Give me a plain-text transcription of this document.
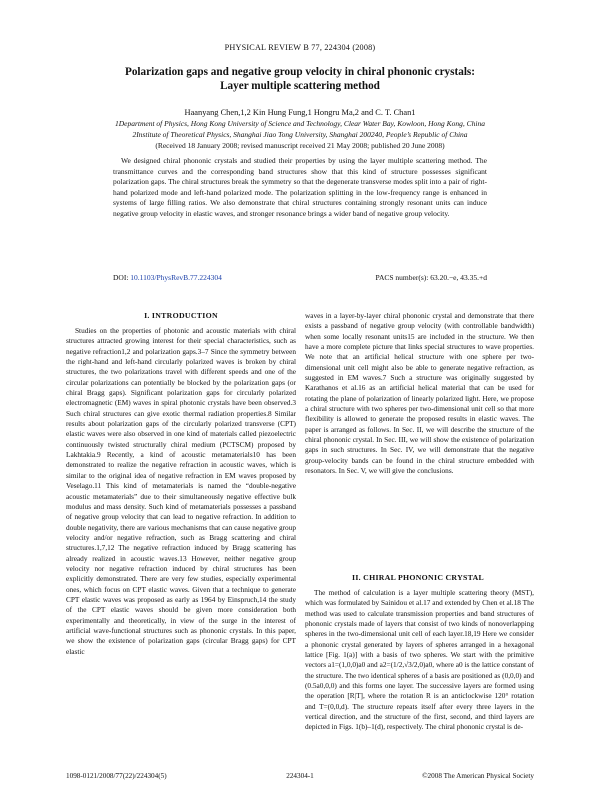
PHYSICAL REVIEW B 77, 224304 (2008)
Polarization gaps and negative group velocity in chiral phononic crystals:
Layer multiple scattering method
Haanyang Chen,1,2 Kin Hung Fung,1 Hongru Ma,2 and C. T. Chan1
1Department of Physics, Hong Kong University of Science and Technology, Clear Water Bay, Kowloon, Hong Kong, China
2Institute of Theoretical Physics, Shanghai Jiao Tong University, Shanghai 200240, People’s Republic of China
(Received 18 January 2008; revised manuscript received 21 May 2008; published 20 June 2008)
We designed chiral phononic crystals and studied their properties by using the layer multiple scattering method. The transmittance curves and the corresponding band structures show that this kind of structure possesses significant polarization gaps. The chiral structures break the symmetry so that the degenerate transverse modes split into a pair of right-hand polarized mode and left-hand polarized mode. The polarization splitting in the low-frequency range is enhanced in systems of large filling ratios. We also demonstrate that chiral structures containing strongly resonant units can induce negative group velocity in elastic waves, and stronger resonance brings a wider band of negative group velocity.
DOI: 10.1103/PhysRevB.77.224304	PACS number(s): 63.20.−e, 43.35.+d
I. INTRODUCTION
Studies on the properties of photonic and acoustic materials with chiral structures attracted growing interest for their special characteristics, such as negative refraction1,2 and polarization gaps.3–7 Since the symmetry between the right-hand and left-hand circularly polarized waves is broken by chiral structures, the two polarizations travel with different speeds and one of the circular polarizations can potentially be blocked by the polarization gaps (or chiral Bragg gaps). Significant polarization gaps for circularly polarized electromagnetic (EM) waves in spiral photonic crystals have been observed.3 Such chiral structures can give exotic thermal radiation properties.8 Similar results about polarization gaps of the circularly polarized transverse (CPT) elastic waves were also observed in one kind of materials called piezoelectric continuously twisted structurally chiral medium (PCTSCM) proposed by Lakhtakia.9 Recently, a kind of acoustic metamaterials10 has been demonstrated to realize the negative refraction in acoustic waves, which is similar to the original idea of negative refraction in EM waves proposed by Veselago.11 This kind of metamaterials is named the “double-negative acoustic metamaterials” due to their simultaneously negative effective bulk modulus and mass density. Such kind of metamaterials possesses a passband of negative group velocity that can lead to negative refraction. In addition to double negativity, there are various mechanisms that can cause negative group velocity and/or negative refraction, such as Bragg scattering and chiral structures.1,7,12 The negative refraction induced by Bragg scattering has already realized in acoustic waves.13 However, neither negative group velocity nor negative refraction induced by chiral structures has been explicitly demonstrated. There are very few studies, especially experimental ones, which focus on CPT elastic waves. Given that a technique to generate CPT elastic waves was proposed as early as 1964 by Einspruch,14 the study of the CPT elastic waves should be given more consideration both experimentally and theoretically, in view of the surge in the interest of artificial wave-functional structures such as phononic crystals. In this paper, we show the existence of polarization gaps (circular Bragg gaps) for CPT elastic
waves in a layer-by-layer chiral phononic crystal and demonstrate that there exists a passband of negative group velocity (with controllable bandwidth) when some locally resonant units15 are included in the structure. We then have a more complete picture that links special structures to wave properties. We note that an artificial helical structure with one sphere per two-dimensional unit cell might also be able to generate negative refraction, as suggested in EM waves.7 Such a structure was originally suggested by Karathanos et al.16 as an artificial helical material that can be used for rotating the plane of polarization of linearly polarized light. Here, we propose a chiral structure with two spheres per two-dimensional unit cell so that more flexibility is allowed to generate the proposed results in elastic waves. The paper is arranged as follows. In Sec. II, we will describe the structure of the chiral phononic crystal. In Sec. III, we will show the existence of polarization gaps in such structures. In Sec. IV, we will demonstrate that the negative group-velocity bands can be found in the chiral structure embedded with resonators. In Sec. V, we will give the conclusions.
II. CHIRAL PHONONIC CRYSTAL
The method of calculation is a layer multiple scattering theory (MST), which was formulated by Sainidou et al.17 and extended by Chen et al.18 The method was used to calculate transmission properties and band structures of phononic crystals made of layers that consist of two kinds of nonoverlapping spheres in the two-dimensional unit cell of each layer.18,19 Here we consider a phononic crystal generated by layers of spheres arranged in a hexagonal lattice [Fig. 1(a)] with a basis of two spheres. We start with the primitive vectors a1=(1,0,0)a0 and a2=(1/2,√3/2,0)a0, where a0 is the lattice constant of the structure. The two identical spheres of a basis are positioned as (0,0,0) and (0.5a0,0,0) and this forms one layer. The successive layers are formed using the operation [R|T], where the rotation R is an anticlockwise 120° rotation and T=(0,0,d). The structure repeats itself after every three layers in the vertical direction, and the structure of the first, second, and third layers are depicted in Figs. 1(b)–1(d), respectively. The chiral phononic crystal is de-
1098-0121/2008/77(22)/224304(5)	224304-1	©2008 The American Physical Society
